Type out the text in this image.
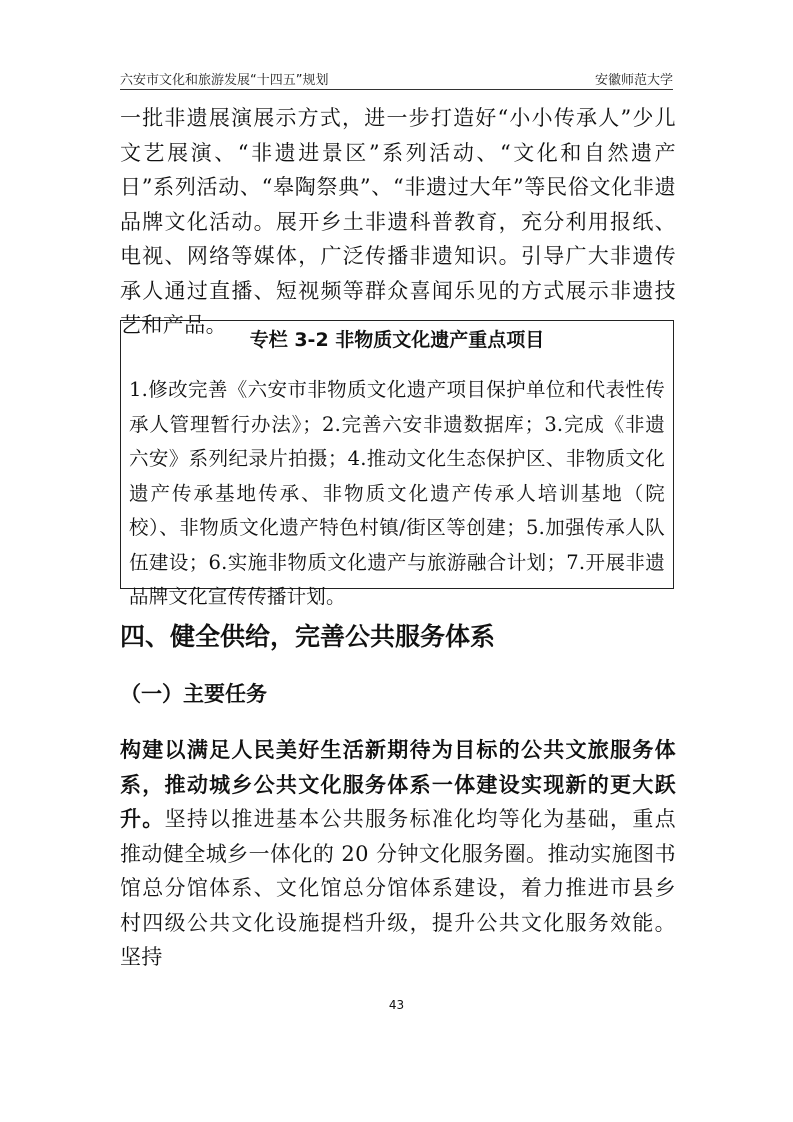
六安市文化和旅游发展“十四五”规划	安徽师范大学
一批非遗展演展示方式，进一步打造好“小小传承人”少儿文艺展演、“非遗进景区”系列活动、“文化和自然遗产日”系列活动、“皋陶祭典”、“非遗过大年”等民俗文化非遗品牌文化活动。展开乡土非遗科普教育，充分利用报纸、电视、网络等媒体，广泛传播非遗知识。引导广大非遗传承人通过直播、短视频等群众喜闻乐见的方式展示非遗技艺和产品。
专栏 3-2 非物质文化遗产重点项目
1.修改完善《六安市非物质文化遗产项目保护单位和代表性传承人管理暂行办法》；2.完善六安非遗数据库；3.完成《非遗六安》系列纪录片拍摄；4.推动文化生态保护区、非物质文化遗产传承基地传承、非物质文化遗产传承人培训基地（院校）、非物质文化遗产特色村镇/街区等创建；5.加强传承人队伍建设；6.实施非物质文化遗产与旅游融合计划；7.开展非遗品牌文化宣传传播计划。
四、健全供给，完善公共服务体系
（一）主要任务
构建以满足人民美好生活新期待为目标的公共文旅服务体系，推动城乡公共文化服务体系一体建设实现新的更大跃升。坚持以推进基本公共服务标准化均等化为基础，重点推动健全城乡一体化的 20 分钟文化服务圈。推动实施图书馆总分馆体系、文化馆总分馆体系建设，着力推进市县乡村四级公共文化设施提档升级，提升公共文化服务效能。坚持
43
